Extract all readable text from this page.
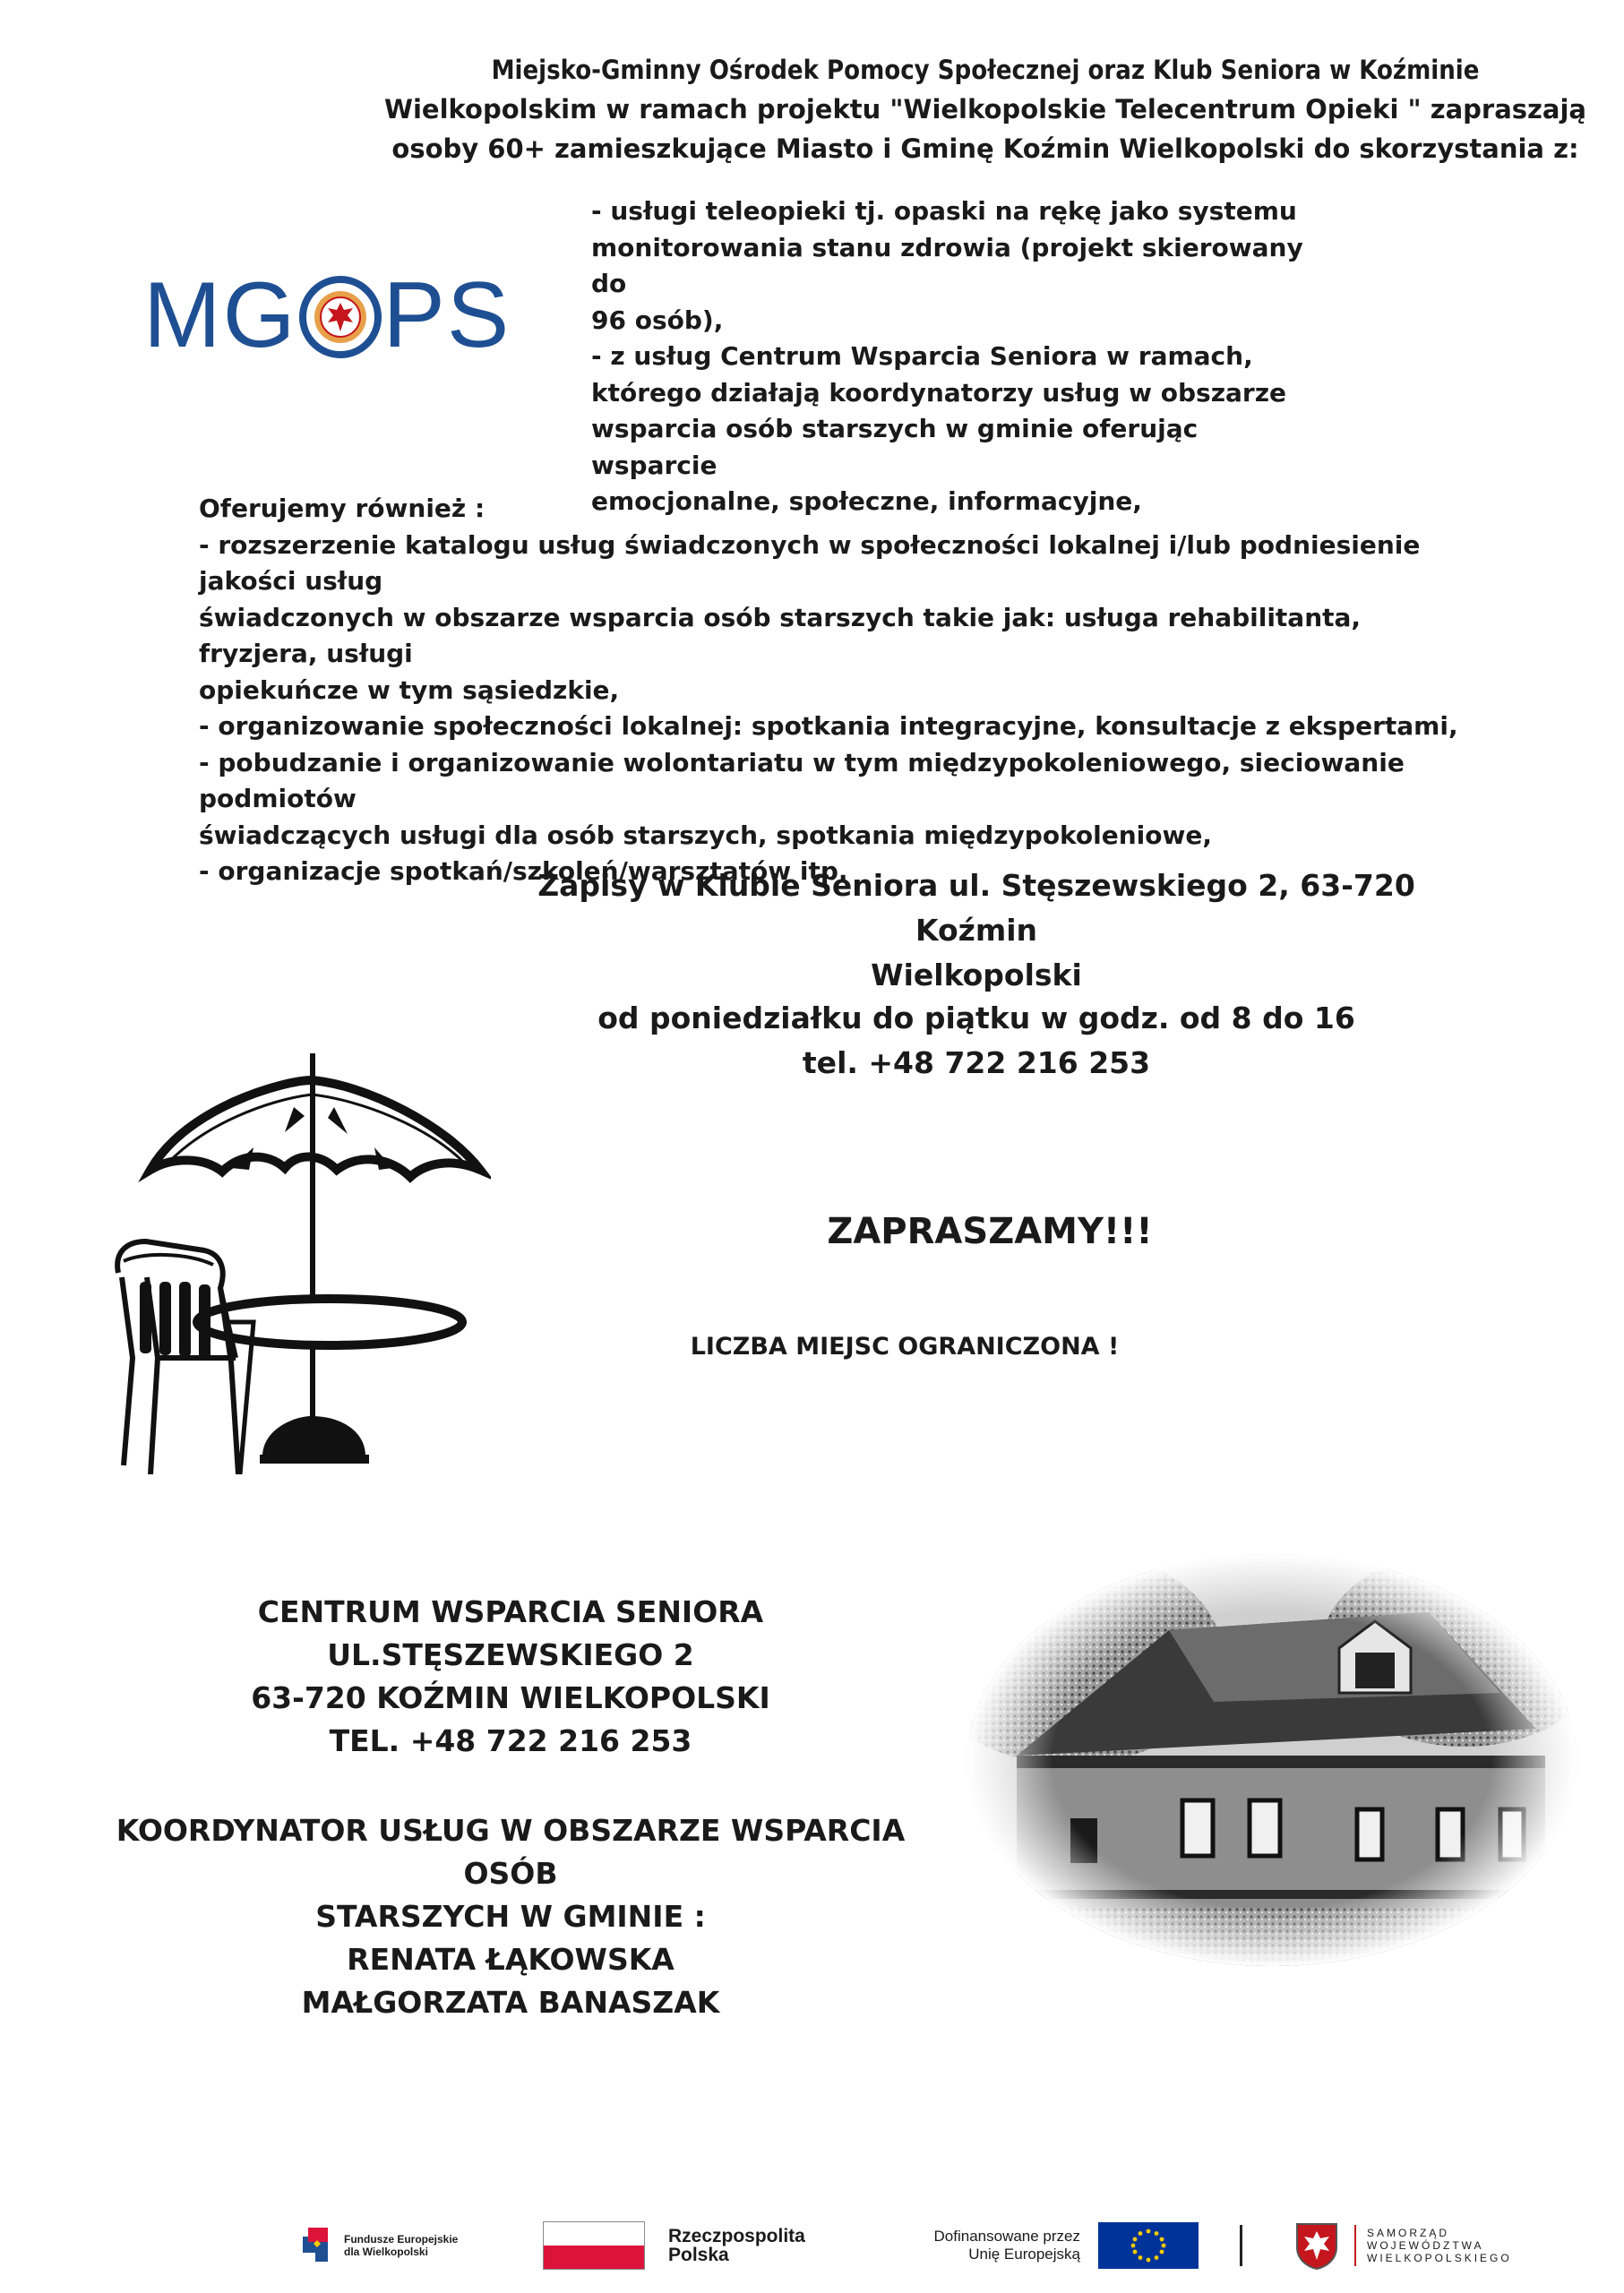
Miejsko-Gminny Ośrodek Pomocy Społecznej oraz Klub Seniora w Koźminie
Wielkopolskim w ramach projektu "Wielkopolskie Telecentrum Opieki " zapraszają
osoby 60+ zamieszkujące Miasto i Gminę Koźmin Wielkopolski do skorzystania z:
MG PS

- usługi teleopieki tj. opaski na rękę jako systemu

monitorowania stanu zdrowia (projekt skierowany do

96 osób),

- z usług Centrum Wsparcia Seniora w ramach,

którego działają koordynatorzy usług w obszarze

wsparcia osób starszych w gminie oferując wsparcie

emocjonalne, społeczne, informacyjne,

Oferujemy również :

- rozszerzenie katalogu usług świadczonych w społeczności lokalnej i/lub podniesienie jakości usług

świadczonych w obszarze wsparcia osób starszych takie jak: usługa rehabilitanta, fryzjera, usługi

opiekuńcze w tym sąsiedzkie,

- organizowanie społeczności lokalnej: spotkania integracyjne, konsultacje z ekspertami,

- pobudzanie i organizowanie wolontariatu w tym międzypokoleniowego, sieciowanie podmiotów

świadczących usługi dla osób starszych, spotkania międzypokoleniowe,

- organizacje spotkań/szkoleń/warsztatów itp.

Zapisy w Klubie Seniora ul. Stęszewskiego 2, 63-720 Koźmin
Wielkopolski
od poniedziałku do piątku w godz. od 8 do 16
tel. +48 722 216 253
ZAPRASZAMY!!!
LICZBA MIEJSC OGRANICZONA !
CENTRUM WSPARCIA SENIORA
UL.STĘSZEWSKIEGO 2
63-720 KOŹMIN WIELKOPOLSKI
TEL. +48 722 216 253
KOORDYNATOR USŁUG W OBSZARZE WSPARCIA OSÓB
STARSZYCH W GMINIE :
RENATA ŁĄKOWSKA
MAŁGORZATA BANASZAK
Fundusze Europejskie
dla Wielkopolski
Rzeczpospolita
Polska
Dofinansowane przez
Unię Europejską
SAMORZĄD
WOJEWÓDZTWA
WIELKOPOLSKIEGO
